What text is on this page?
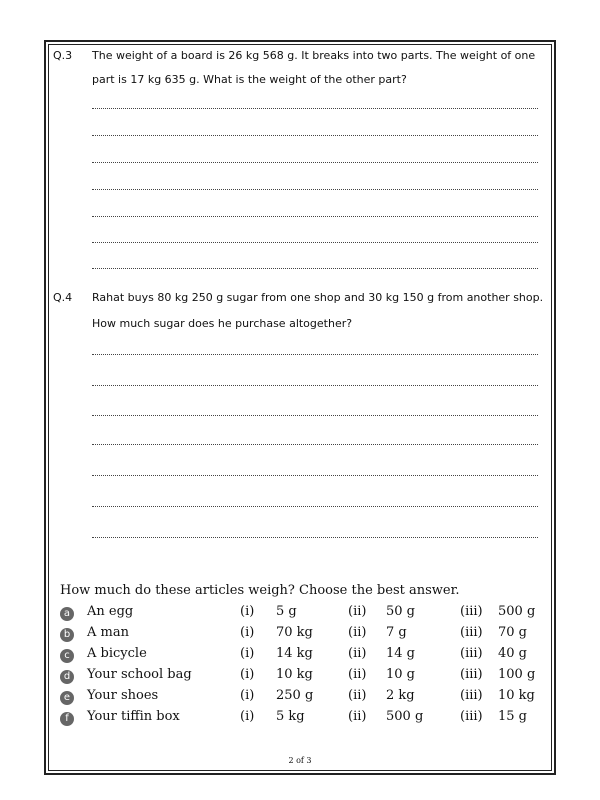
Q.3 The weight of a board is 26 kg 568 g. It breaks into two parts. The weight of one
part is 17 kg 635 g. What is the weight of the other part?
Q.4 Rahat buys 80 kg 250 g sugar from one shop and 30 kg 150 g from another shop.
How much sugar does he purchase altogether?
How much do these articles weigh? Choose the best answer.
a	An egg	(i) 5 g	(ii) 50 g	(iii) 500 g
b A man	(i) 70 kg	(ii) 7 g	(iii) 70 g
c	A bicycle	(i) 14 kg	(ii) 14 g	(iii) 40 g
d Your school bag	(i) 10 kg	(ii) 10 g	(iii) 100 g
e	Your shoes	(i) 250 g	(ii) 2 kg	(iii) 10 kg
f	Your tiffin box	(i) 5 kg	(ii) 500 g	(iii) 15 g
2 of 3
